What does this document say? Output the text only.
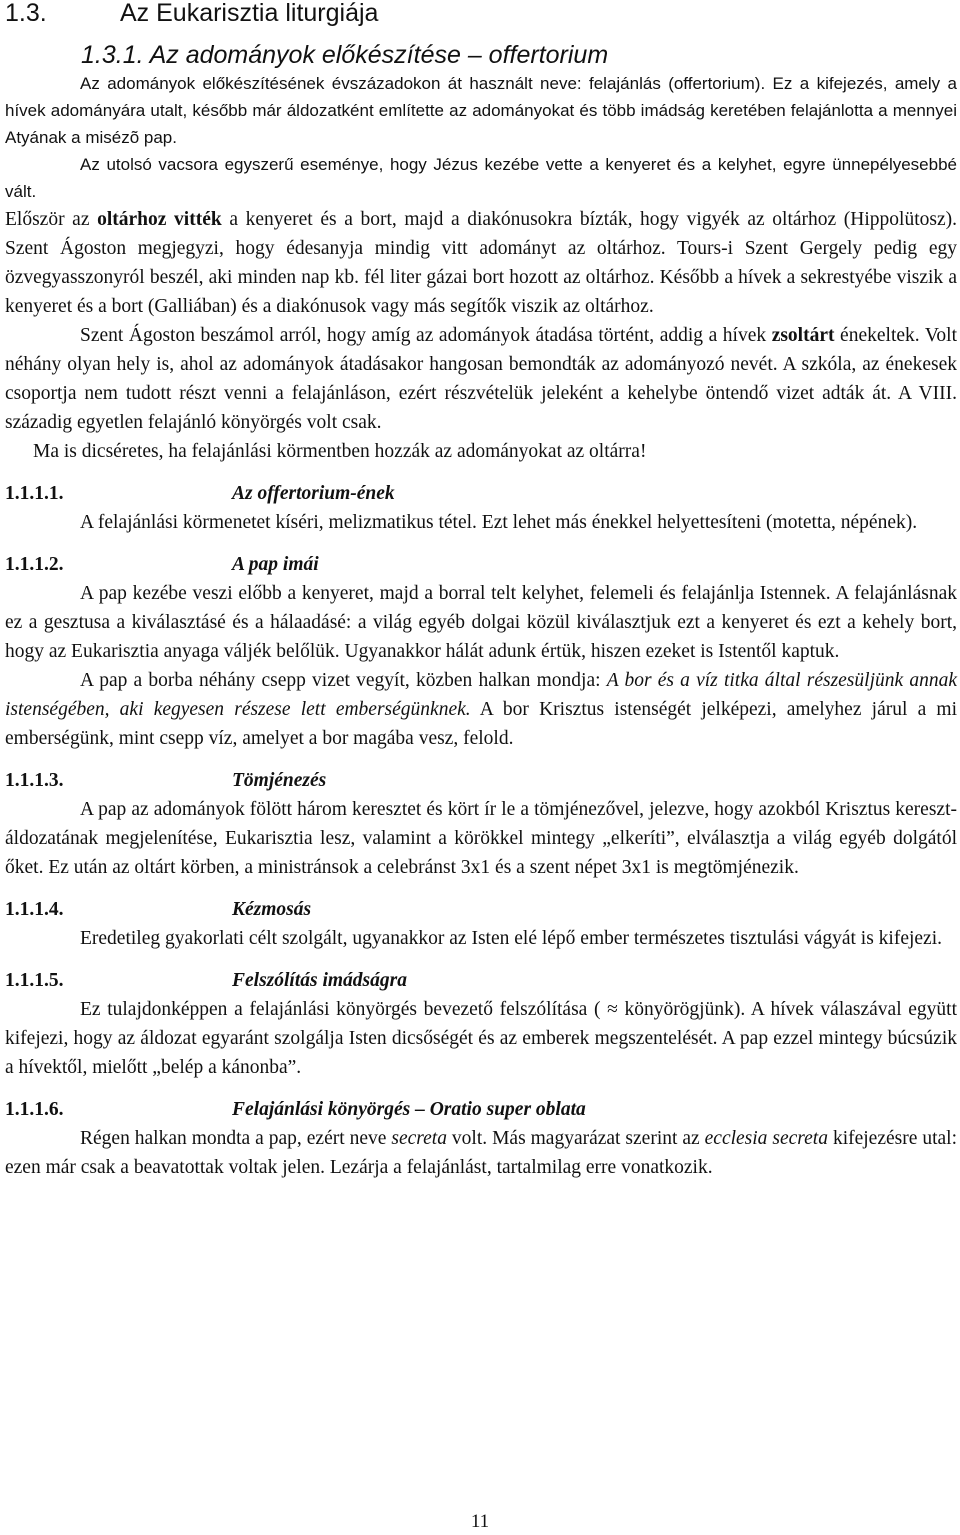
1.3.	Az Eukarisztia liturgiája
1.3.1. Az adományok előkészítése – offertorium

Az adományok előkészítésének évszázadokon át használt neve: felajánlás (offertorium). Ez a kifejezés, amely a hívek adományára utalt, később már áldozatként említette az adományokat és több imádság keretében felajánlotta a mennyei Atyának a misézõ pap.

Az utolsó vacsora egyszerű eseménye, hogy Jézus kezébe vette a kenyeret és a kelyhet, egyre ünnepélyesebbé vált.

Először az oltárhoz vitték a kenyeret és a bort, majd a diakónusokra bízták, hogy vigyék az oltárhoz (Hippolütosz). Szent Ágoston megjegyzi, hogy édesanyja mindig vitt adományt az oltárhoz. Tours-i Szent Gergely pedig egy özvegyasszonyról beszél, aki minden nap kb. fél liter gázai bort hozott az oltárhoz. Később a hívek a sekrestyébe viszik a kenyeret és a bort (Galliában) és a diakónusok vagy más segítők viszik az oltárhoz.

Szent Ágoston beszámol arról, hogy amíg az adományok átadása történt, addig a hívek zsoltárt énekeltek. Volt néhány olyan hely is, ahol az adományok átadásakor hangosan bemondták az adományozó nevét. A szkóla, az énekesek csoportja nem tudott részt venni a felajánláson, ezért részvételük jeleként a kehelybe öntendő vizet adták át. A VIII. századig egyetlen felajánló könyörgés volt csak.

Ma is dicséretes, ha felajánlási körmentben hozzák az adományokat az oltárra!

1.1.1.1.	Az offertorium-ének

A felajánlási körmenetet kíséri, melizmatikus tétel. Ezt lehet más énekkel helyettesíteni (motetta, népének).

1.1.1.2.	A pap imái

A pap kezébe veszi előbb a kenyeret, majd a borral telt kelyhet, felemeli és felajánlja Istennek. A felajánlásnak ez a gesztusa a kiválasztásé és a hálaadásé: a világ egyéb dolgai közül kiválasztjuk ezt a kenyeret és ezt a kehely bort, hogy az Eukarisztia anyaga váljék belőlük. Ugyanakkor hálát adunk értük, hiszen ezeket is Istentől kaptuk.

A pap a borba néhány csepp vizet vegyít, közben halkan mondja: A bor és a víz titka által részesüljünk annak istenségében, aki kegyesen részese lett emberségünknek. A bor Krisztus istenségét jelképezi, amelyhez járul a mi emberségünk, mint csepp víz, amelyet a bor magába vesz, felold.

1.1.1.3.	Tömjénezés

A pap az adományok fölött három keresztet és kört ír le a tömjénezővel, jelezve, hogy azokból Krisztus keresztáldozatának megjelenítése, Eukarisztia lesz, valamint a körökkel mintegy „elkeríti”, elválasztja a világ egyéb dolgától őket. Ez után az oltárt körben, a ministránsok a celebránst 3x1 és a szent népet 3x1 is megtömjénezik.

1.1.1.4.	Kézmosás

Eredetileg gyakorlati célt szolgált, ugyanakkor az Isten elé lépő ember természetes tisztulási vágyát is kifejezi.

1.1.1.5.	Felszólítás imádságra

Ez tulajdonképpen a felajánlási könyörgés bevezető felszólítása ( ≈ könyörögjünk). A hívek válaszával együtt kifejezi, hogy az áldozat egyaránt szolgálja Isten dicsőségét és az emberek megszentelését. A pap ezzel mintegy búcsúzik a hívektől, mielőtt „belép a kánonba”.

1.1.1.6.	Felajánlási könyörgés – Oratio super oblata

Régen halkan mondta a pap, ezért neve secreta volt. Más magyarázat szerint az ecclesia secreta kifejezésre utal: ezen már csak a beavatottak voltak jelen. Lezárja a felajánlást, tartalmilag erre vonatkozik.

11
